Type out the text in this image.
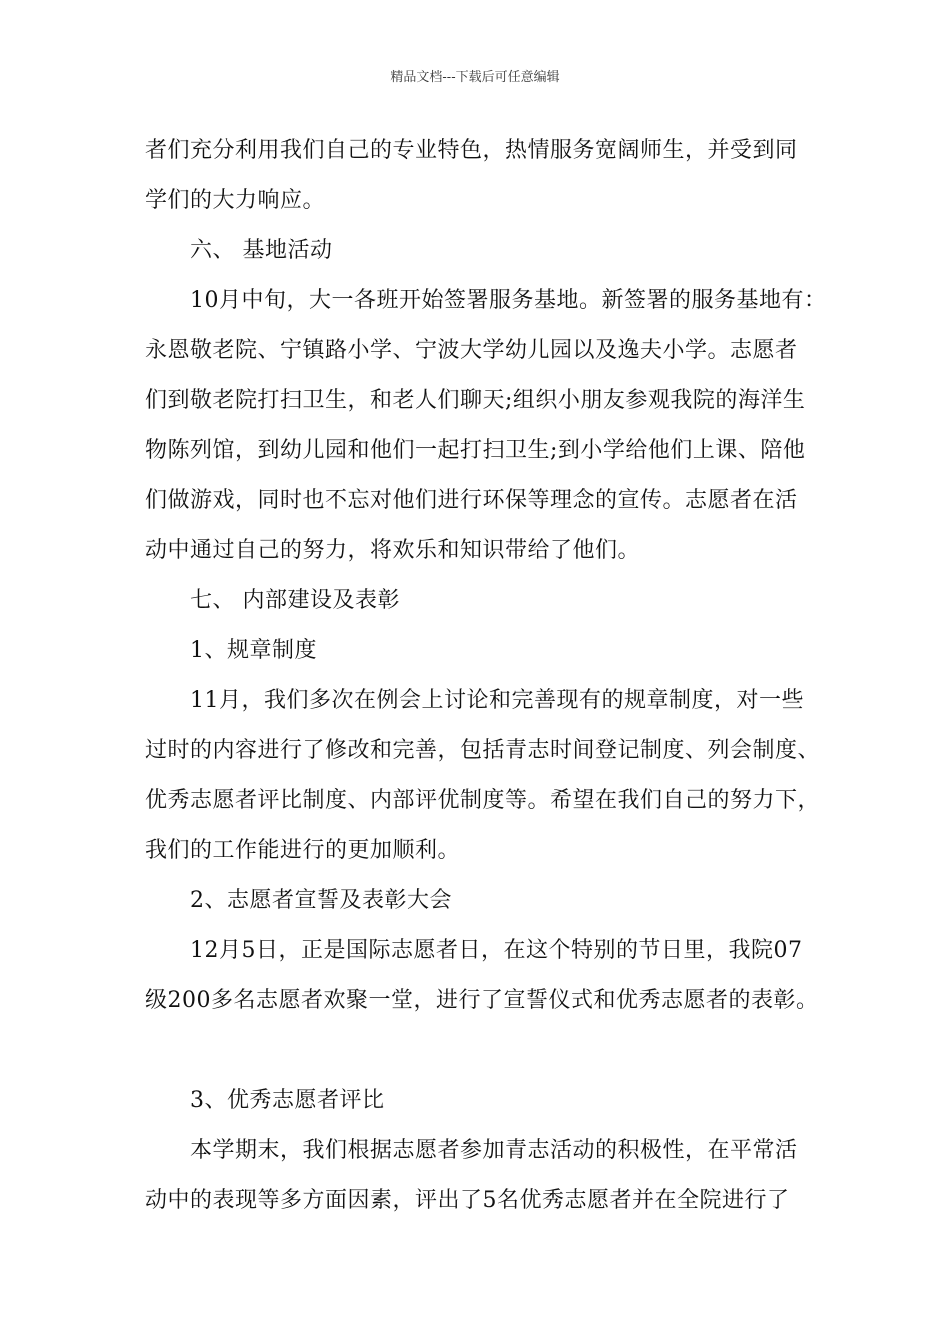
精品文档---下载后可任意编辑
者们充分利用我们自己的专业特色，热情服务宽阔师生，并受到同
学们的大力响应。
六、 基地活动
10月中旬，大一各班开始签署服务基地。新签署的服务基地有：
永恩敬老院、宁镇路小学、宁波大学幼儿园以及逸夫小学。志愿者
们到敬老院打扫卫生，和老人们聊天;组织小朋友参观我院的海洋生
物陈列馆，到幼儿园和他们一起打扫卫生;到小学给他们上课、陪他
们做游戏，同时也不忘对他们进行环保等理念的宣传。志愿者在活
动中通过自己的努力，将欢乐和知识带给了他们。
七、 内部建设及表彰
1、规章制度
11月，我们多次在例会上讨论和完善现有的规章制度，对一些
过时的内容进行了修改和完善，包括青志时间登记制度、列会制度、
优秀志愿者评比制度、内部评优制度等。希望在我们自己的努力下，
我们的工作能进行的更加顺利。
2、志愿者宣誓及表彰大会
12月5日，正是国际志愿者日，在这个特别的节日里，我院07
级200多名志愿者欢聚一堂，进行了宣誓仪式和优秀志愿者的表彰。
3、优秀志愿者评比
本学期末，我们根据志愿者参加青志活动的积极性，在平常活
动中的表现等多方面因素，评出了5名优秀志愿者并在全院进行了
